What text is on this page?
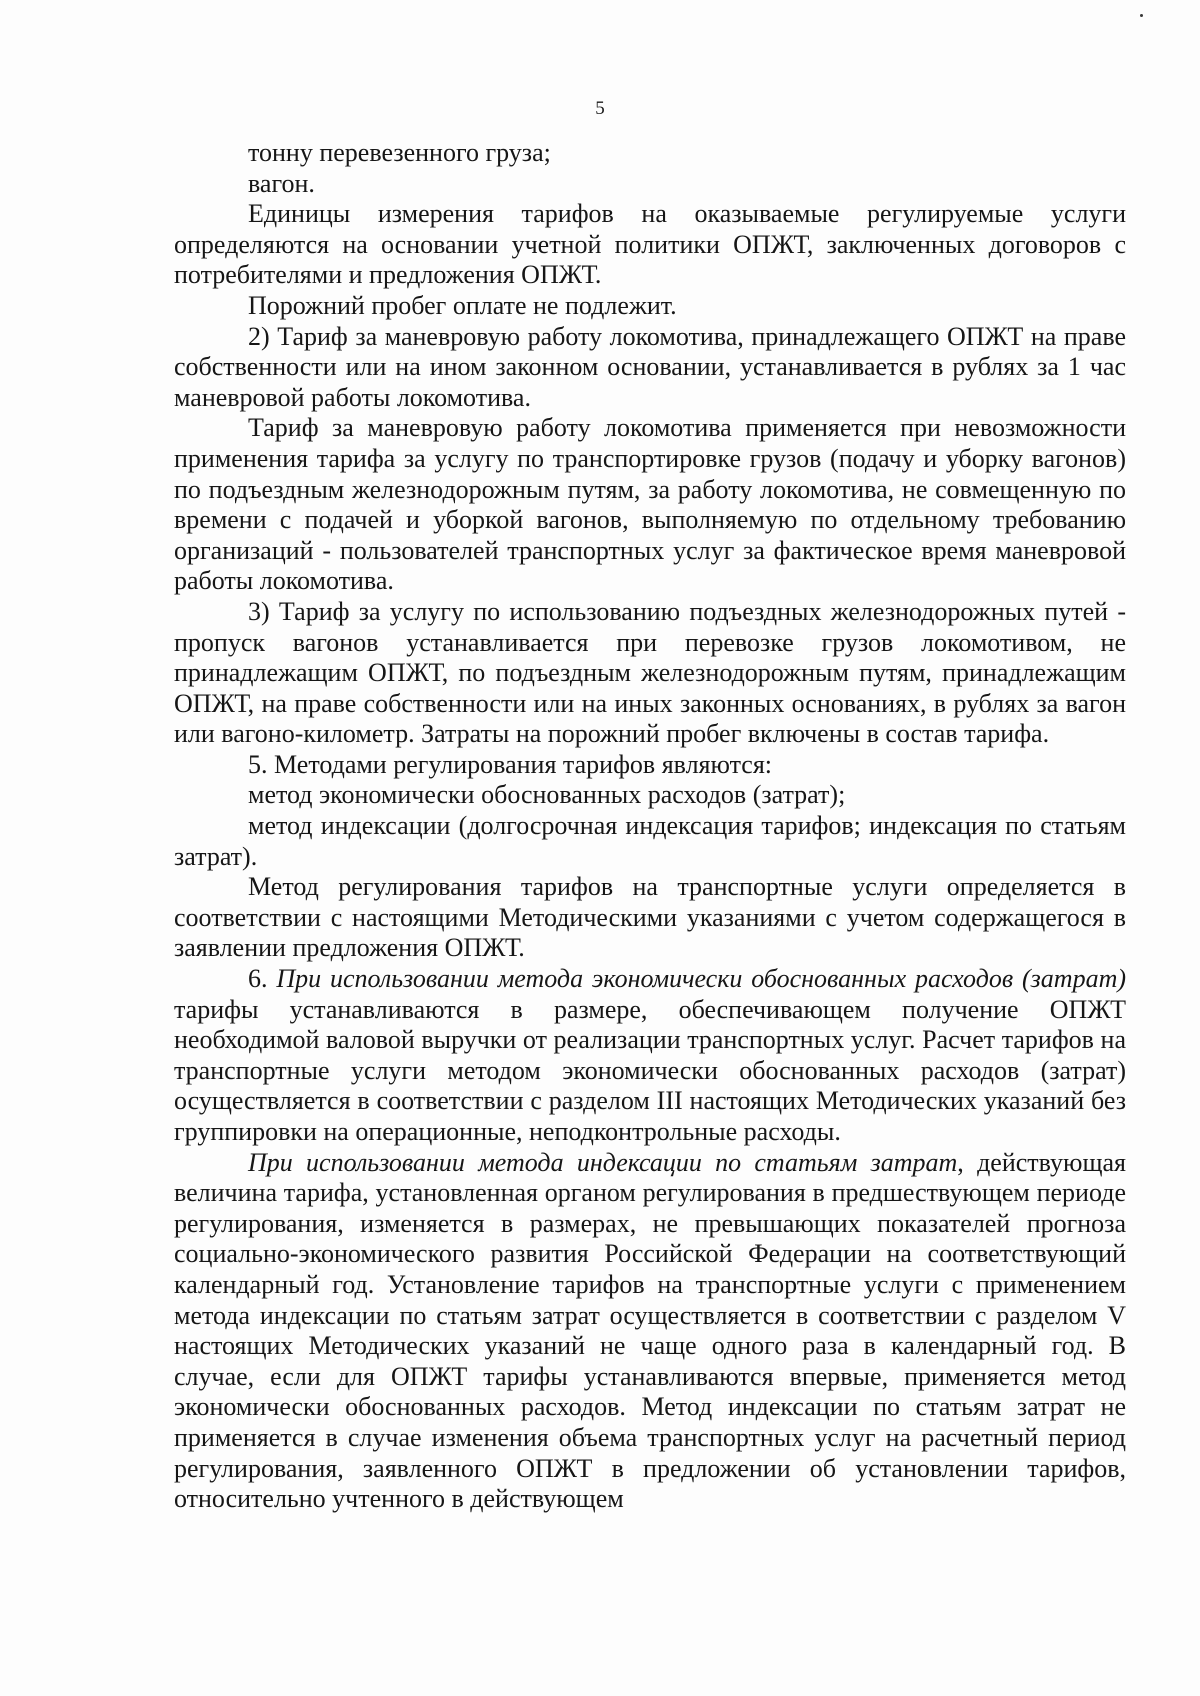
5

тонну перевезенного груза;

вагон.

Единицы измерения тарифов на оказываемые регулируемые услуги определяются на основании учетной политики ОПЖТ, заключенных договоров с потребителями и предложения ОПЖТ.

Порожний пробег оплате не подлежит.

2) Тариф за маневровую работу локомотива, принадлежащего ОПЖТ на праве собственности или на ином законном основании, устанавливается в рублях за 1 час маневровой работы локомотива.

Тариф за маневровую работу локомотива применяется при невозможности применения тарифа за услугу по транспортировке грузов (подачу и уборку вагонов) по подъездным железнодорожным путям, за работу локомотива, не совмещенную по времени с подачей и уборкой вагонов, выполняемую по отдельному требованию организаций - пользователей транспортных услуг за фактическое время маневровой работы локомотива.

3) Тариф за услугу по использованию подъездных железнодорожных путей - пропуск вагонов устанавливается при перевозке грузов локомотивом, не принадлежащим ОПЖТ, по подъездным железнодорожным путям, принадлежащим ОПЖТ, на праве собственности или на иных законных основаниях, в рублях за вагон или вагоно-километр. Затраты на порожний пробег включены в состав тарифа.

5. Методами регулирования тарифов являются:

метод экономически обоснованных расходов (затрат);

метод индексации (долгосрочная индексация тарифов; индексация по статьям затрат).

Метод регулирования тарифов на транспортные услуги определяется в соответствии с настоящими Методическими указаниями с учетом содержащегося в заявлении предложения ОПЖТ.

6. При использовании метода экономически обоснованных расходов (затрат) тарифы устанавливаются в размере, обеспечивающем получение ОПЖТ необходимой валовой выручки от реализации транспортных услуг. Расчет тарифов на транспортные услуги методом экономически обоснованных расходов (затрат) осуществляется в соответствии с разделом III настоящих Методических указаний без группировки на операционные, неподконтрольные расходы.

При использовании метода индексации по статьям затрат, действующая величина тарифа, установленная органом регулирования в предшествующем периоде регулирования, изменяется в размерах, не превышающих показателей прогноза социально-экономического развития Российской Федерации на соответствующий календарный год. Установление тарифов на транспортные услуги с применением метода индексации по статьям затрат осуществляется в соответствии с разделом V настоящих Методических указаний не чаще одного раза в календарный год. В случае, если для ОПЖТ тарифы устанавливаются впервые, применяется метод экономически обоснованных расходов. Метод индексации по статьям затрат не применяется в случае изменения объема транспортных услуг на расчетный период регулирования, заявленного ОПЖТ в предложении об установлении тарифов, относительно учтенного в действующем
